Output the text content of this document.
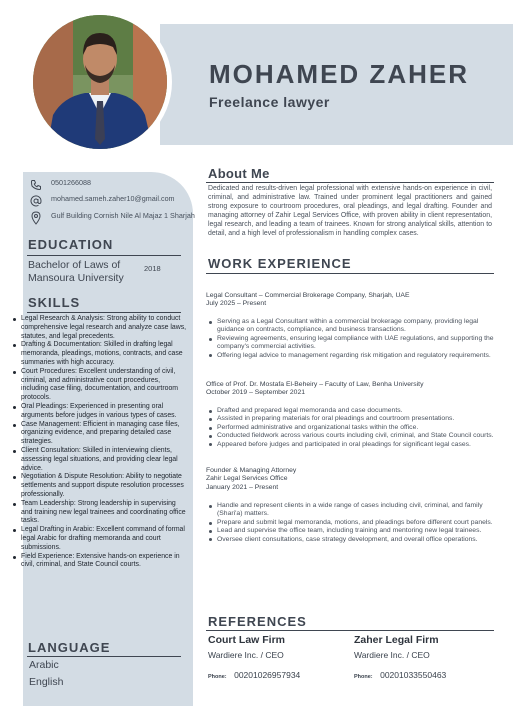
MOHAMED ZAHER
Freelance lawyer
0501266088
mohamed.sameh.zaher10@gmail.com
Gulf Building Cornish Nile Al Majaz 1 Sharjah
EDUCATION
Bachelor of Laws of Mansoura University
2018
SKILLS
Legal Research & Analysis: Strong ability to conduct comprehensive legal research and analyze case laws, statutes, and legal precedents.
Drafting & Documentation: Skilled in drafting legal memoranda, pleadings, motions, contracts, and case summaries with high accuracy.
Court Procedures: Excellent understanding of civil, criminal, and administrative court procedures, including case filing, documentation, and courtroom protocols.
Oral Pleadings: Experienced in presenting oral arguments before judges in various types of cases.
Case Management: Efficient in managing case files, organizing evidence, and preparing detailed case strategies.
Client Consultation: Skilled in interviewing clients, assessing legal situations, and providing clear legal advice.
Negotiation & Dispute Resolution: Ability to negotiate settlements and support dispute resolution processes professionally.
Team Leadership: Strong leadership in supervising and training new legal trainees and coordinating office tasks.
Legal Drafting in Arabic: Excellent command of formal legal Arabic for drafting memoranda and court submissions.
Field Experience: Extensive hands-on experience in civil, criminal, and State Council courts.
LANGUAGE
Arabic
English
About Me
Dedicated and results-driven legal professional with extensive hands-on experience in civil, criminal, and administrative law. Trained under prominent legal practitioners and gained strong exposure to courtroom procedures, oral pleadings, and legal drafting. Founder and managing attorney of Zahir Legal Services Office, with proven ability in client representation, legal research, and leading a team of trainees. Known for strong analytical skills, attention to detail, and a high level of professionalism in handling complex cases.
WORK EXPERIENCE
Legal Consultant – Commercial Brokerage Company, Sharjah, UAE
July 2025 – Present
Serving as a Legal Consultant within a commercial brokerage company, providing legal guidance on contracts, compliance, and business transactions.
Reviewing agreements, ensuring legal compliance with UAE regulations, and supporting the company's commercial activities.
Offering legal advice to management regarding risk mitigation and regulatory requirements.
Office of Prof. Dr. Mostafa El-Beheiry – Faculty of Law, Benha University
October 2019 – September 2021
Drafted and prepared legal memoranda and case documents.
Assisted in preparing materials for oral pleadings and courtroom presentations.
Performed administrative and organizational tasks within the office.
Conducted fieldwork across various courts including civil, criminal, and State Council courts.
Appeared before judges and participated in oral pleadings for significant legal cases.
Founder & Managing Attorney
Zahir Legal Services Office
January 2021 – Present
Handle and represent clients in a wide range of cases including civil, criminal, and family (Shari'a) matters.
Prepare and submit legal memoranda, motions, and pleadings before different court panels.
Lead and supervise the office team, including training and mentoring new legal trainees.
Oversee client consultations, case strategy development, and overall office operations.
REFERENCES
Court Law Firm
Wardiere Inc. / CEO
Phone: 00201026957934
Zaher Legal Firm
Wardiere Inc. / CEO
Phone: 00201033550463
